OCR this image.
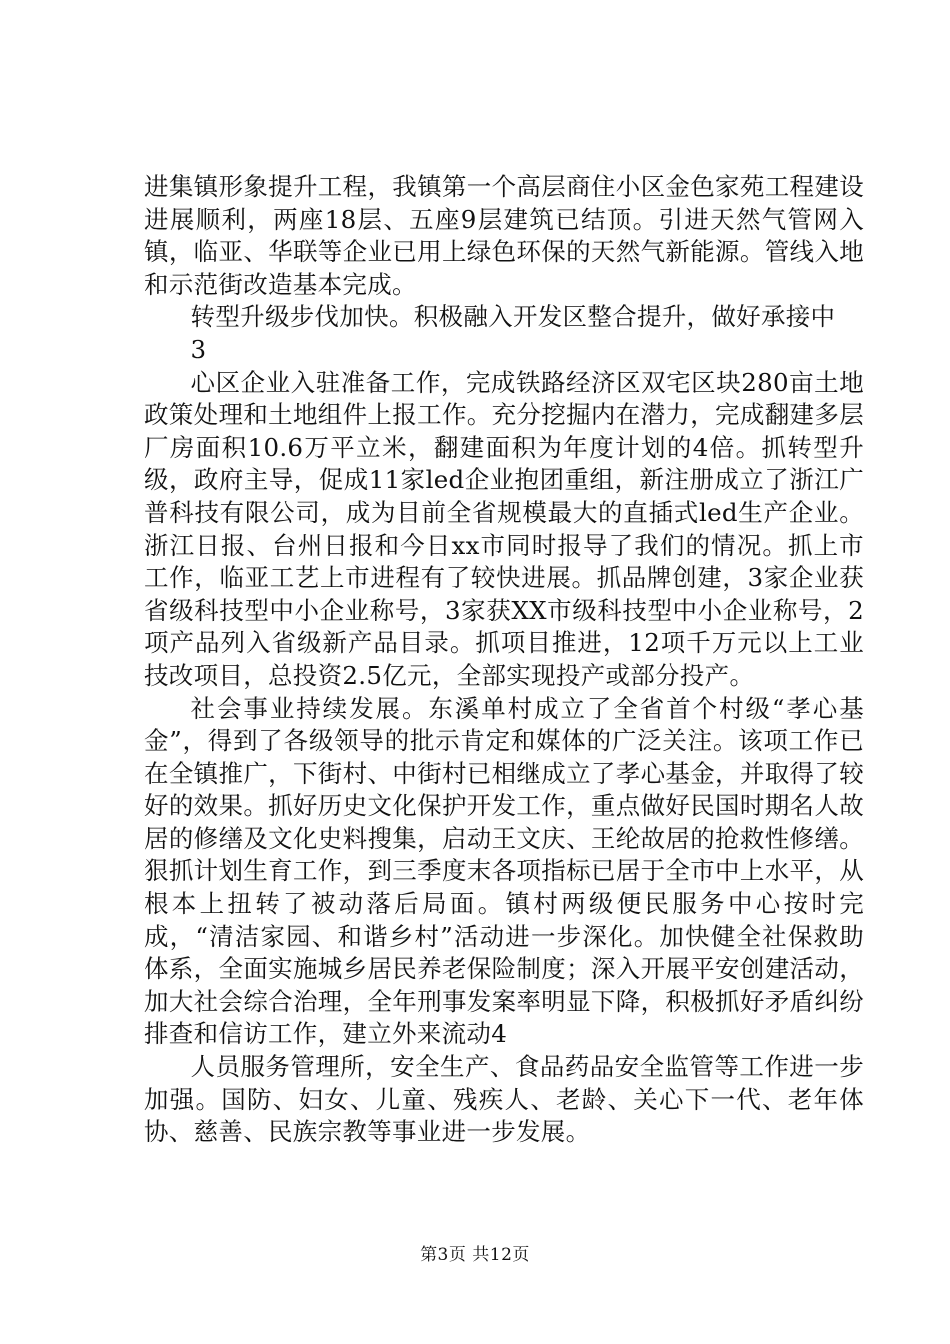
进集镇形象提升工程，我镇第一个高层商住小区金色家苑工程建设进展顺利，两座18层、五座9层建筑已结顶。引进天然气管网入镇，临亚、华联等企业已用上绿色环保的天然气新能源。管线入地和示范街改造基本完成。

转型升级步伐加快。积极融入开发区整合提升，做好承接中

3

心区企业入驻准备工作，完成铁路经济区双宅区块280亩土地政策处理和土地组件上报工作。充分挖掘内在潜力，完成翻建多层厂房面积10.6万平立米，翻建面积为年度计划的4倍。抓转型升级，政府主导，促成11家led企业抱团重组，新注册成立了浙江广普科技有限公司，成为目前全省规模最大的直插式led生产企业。浙江日报、台州日报和今日xx市同时报导了我们的情况。抓上市工作，临亚工艺上市进程有了较快进展。抓品牌创建，3家企业获省级科技型中小企业称号，3家获XX市级科技型中小企业称号，2项产品列入省级新产品目录。抓项目推进，12项千万元以上工业技改项目，总投资2.5亿元，全部实现投产或部分投产。

社会事业持续发展。东溪单村成立了全省首个村级“孝心基金”，得到了各级领导的批示肯定和媒体的广泛关注。该项工作已在全镇推广，下街村、中街村已相继成立了孝心基金，并取得了较好的效果。抓好历史文化保护开发工作，重点做好民国时期名人故居的修缮及文化史料搜集，启动王文庆、王纶故居的抢救性修缮。狠抓计划生育工作，到三季度末各项指标已居于全市中上水平，从根本上扭转了被动落后局面。镇村两级便民服务中心按时完成，“清洁家园、和谐乡村”活动进一步深化。加快健全社保救助体系，全面实施城乡居民养老保险制度；深入开展平安创建活动，加大社会综合治理，全年刑事发案率明显下降，积极抓好矛盾纠纷排查和信访工作，建立外来流动4

人员服务管理所，安全生产、食品药品安全监管等工作进一步加强。国防、妇女、儿童、残疾人、老龄、关心下一代、老年体协、慈善、民族宗教等事业进一步发展。

第3页 共12页
